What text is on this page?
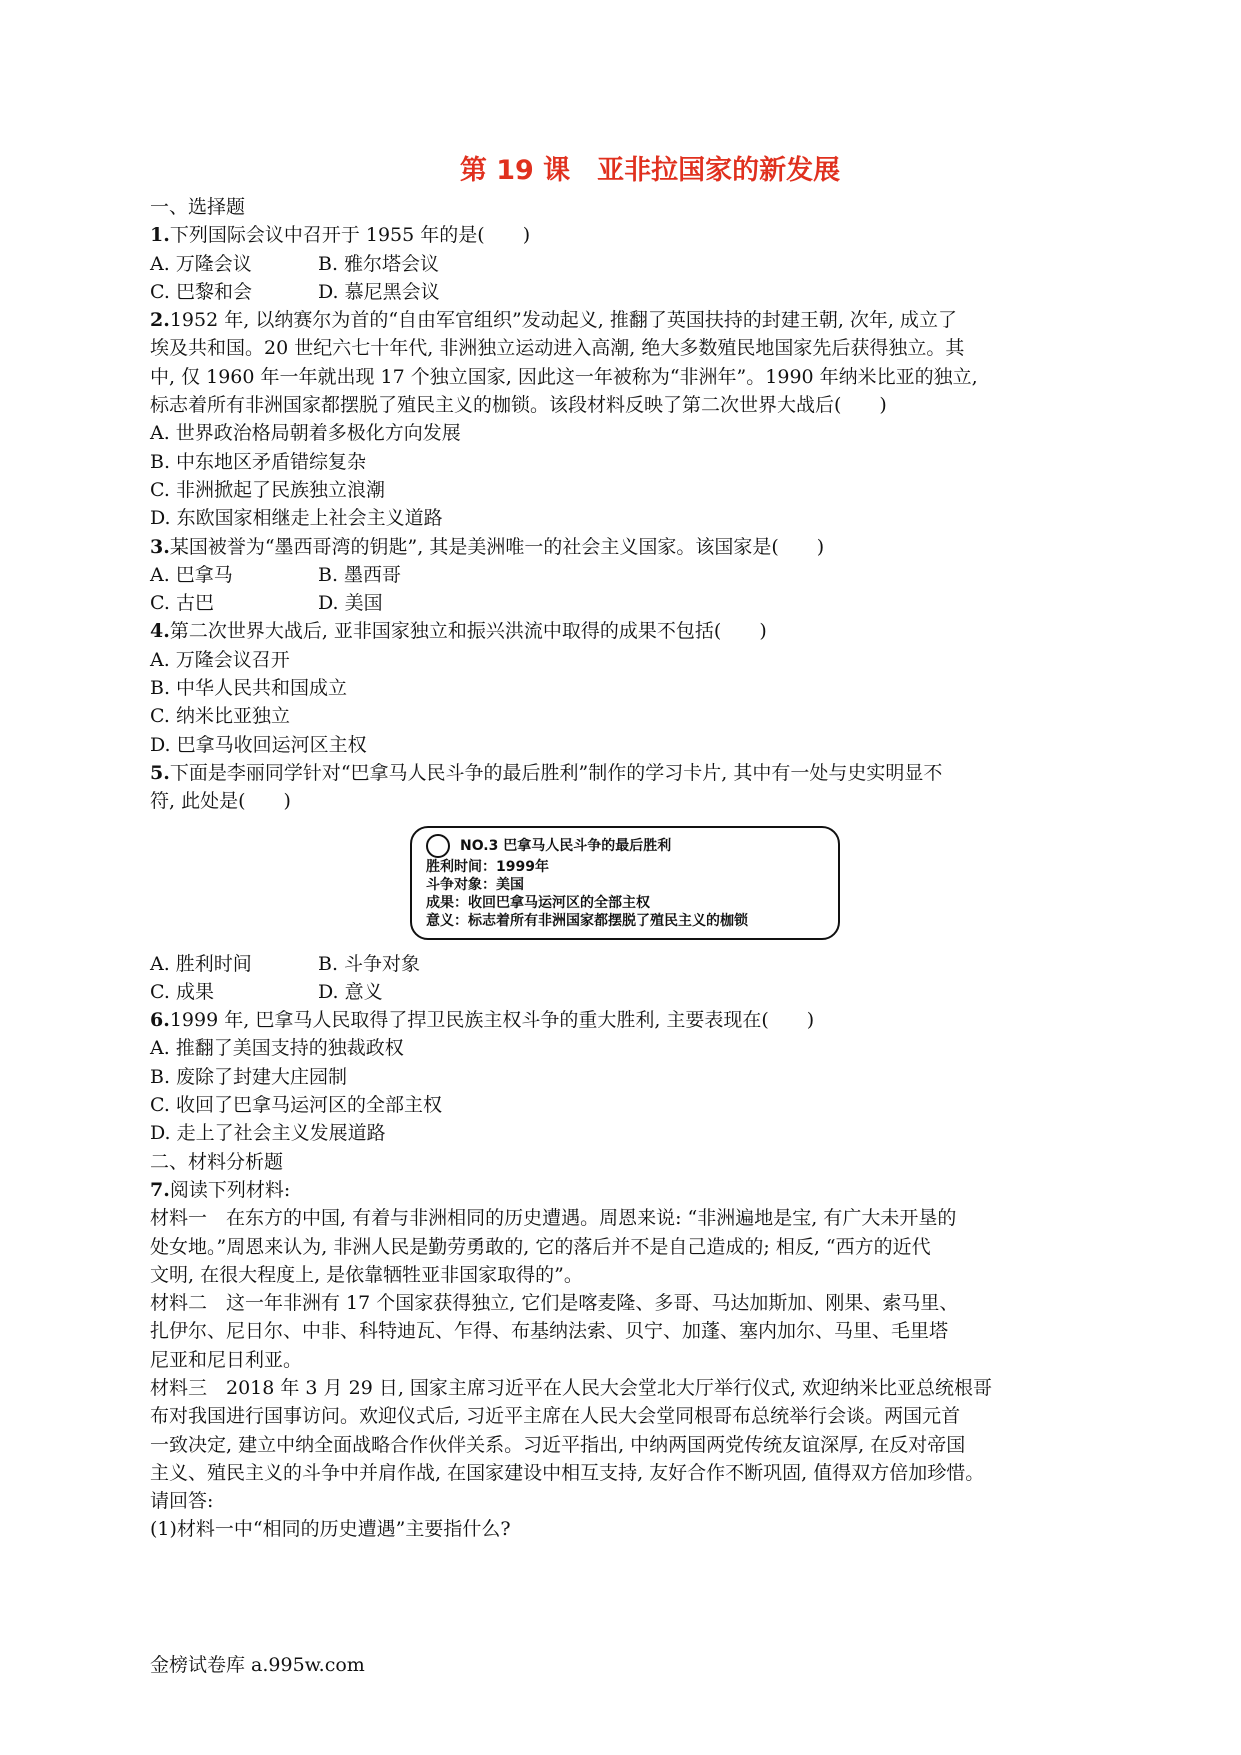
第 19 课　亚非拉国家的新发展
一、选择题
1.下列国际会议中召开于 1955 年的是(　　)
A. 万隆会议	B. 雅尔塔会议
C. 巴黎和会	D. 慕尼黑会议
2.1952 年, 以纳赛尔为首的“自由军官组织”发动起义, 推翻了英国扶持的封建王朝, 次年, 成立了
埃及共和国。20 世纪六七十年代, 非洲独立运动进入高潮, 绝大多数殖民地国家先后获得独立。其
中, 仅 1960 年一年就出现 17 个独立国家, 因此这一年被称为“非洲年”。1990 年纳米比亚的独立,
标志着所有非洲国家都摆脱了殖民主义的枷锁。该段材料反映了第二次世界大战后(　　)
A. 世界政治格局朝着多极化方向发展
B. 中东地区矛盾错综复杂
C. 非洲掀起了民族独立浪潮
D. 东欧国家相继走上社会主义道路
3.某国被誉为“墨西哥湾的钥匙”, 其是美洲唯一的社会主义国家。该国家是(　　)
A. 巴拿马	B. 墨西哥
C. 古巴	D. 美国
4.第二次世界大战后, 亚非国家独立和振兴洪流中取得的成果不包括(　　)
A. 万隆会议召开
B. 中华人民共和国成立
C. 纳米比亚独立
D. 巴拿马收回运河区主权
5.下面是李丽同学针对“巴拿马人民斗争的最后胜利”制作的学习卡片, 其中有一处与史实明显不
符, 此处是(　　)
NO.3 巴拿马人民斗争的最后胜利
胜利时间：1999年
斗争对象：美国
成果：收回巴拿马运河区的全部主权
意义：标志着所有非洲国家都摆脱了殖民主义的枷锁
A. 胜利时间	B. 斗争对象
C. 成果	D. 意义
6.1999 年, 巴拿马人民取得了捍卫民族主权斗争的重大胜利, 主要表现在(　　)
A. 推翻了美国支持的独裁政权
B. 废除了封建大庄园制
C. 收回了巴拿马运河区的全部主权
D. 走上了社会主义发展道路
二、材料分析题
7.阅读下列材料:
材料一　在东方的中国, 有着与非洲相同的历史遭遇。周恩来说: “非洲遍地是宝, 有广大未开垦的
处女地。”周恩来认为, 非洲人民是勤劳勇敢的, 它的落后并不是自己造成的; 相反, “西方的近代
文明, 在很大程度上, 是依靠牺牲亚非国家取得的”。
材料二　这一年非洲有 17 个国家获得独立, 它们是喀麦隆、多哥、马达加斯加、刚果、索马里、
扎伊尔、尼日尔、中非、科特迪瓦、乍得、布基纳法索、贝宁、加蓬、塞内加尔、马里、毛里塔
尼亚和尼日利亚。
材料三　2018 年 3 月 29 日, 国家主席习近平在人民大会堂北大厅举行仪式, 欢迎纳米比亚总统根哥
布对我国进行国事访问。欢迎仪式后, 习近平主席在人民大会堂同根哥布总统举行会谈。两国元首
一致决定, 建立中纳全面战略合作伙伴关系。习近平指出, 中纳两国两党传统友谊深厚, 在反对帝国
主义、殖民主义的斗争中并肩作战, 在国家建设中相互支持, 友好合作不断巩固, 值得双方倍加珍惜。
请回答:
(1)材料一中“相同的历史遭遇”主要指什么?
金榜试卷库 a.995w.com
